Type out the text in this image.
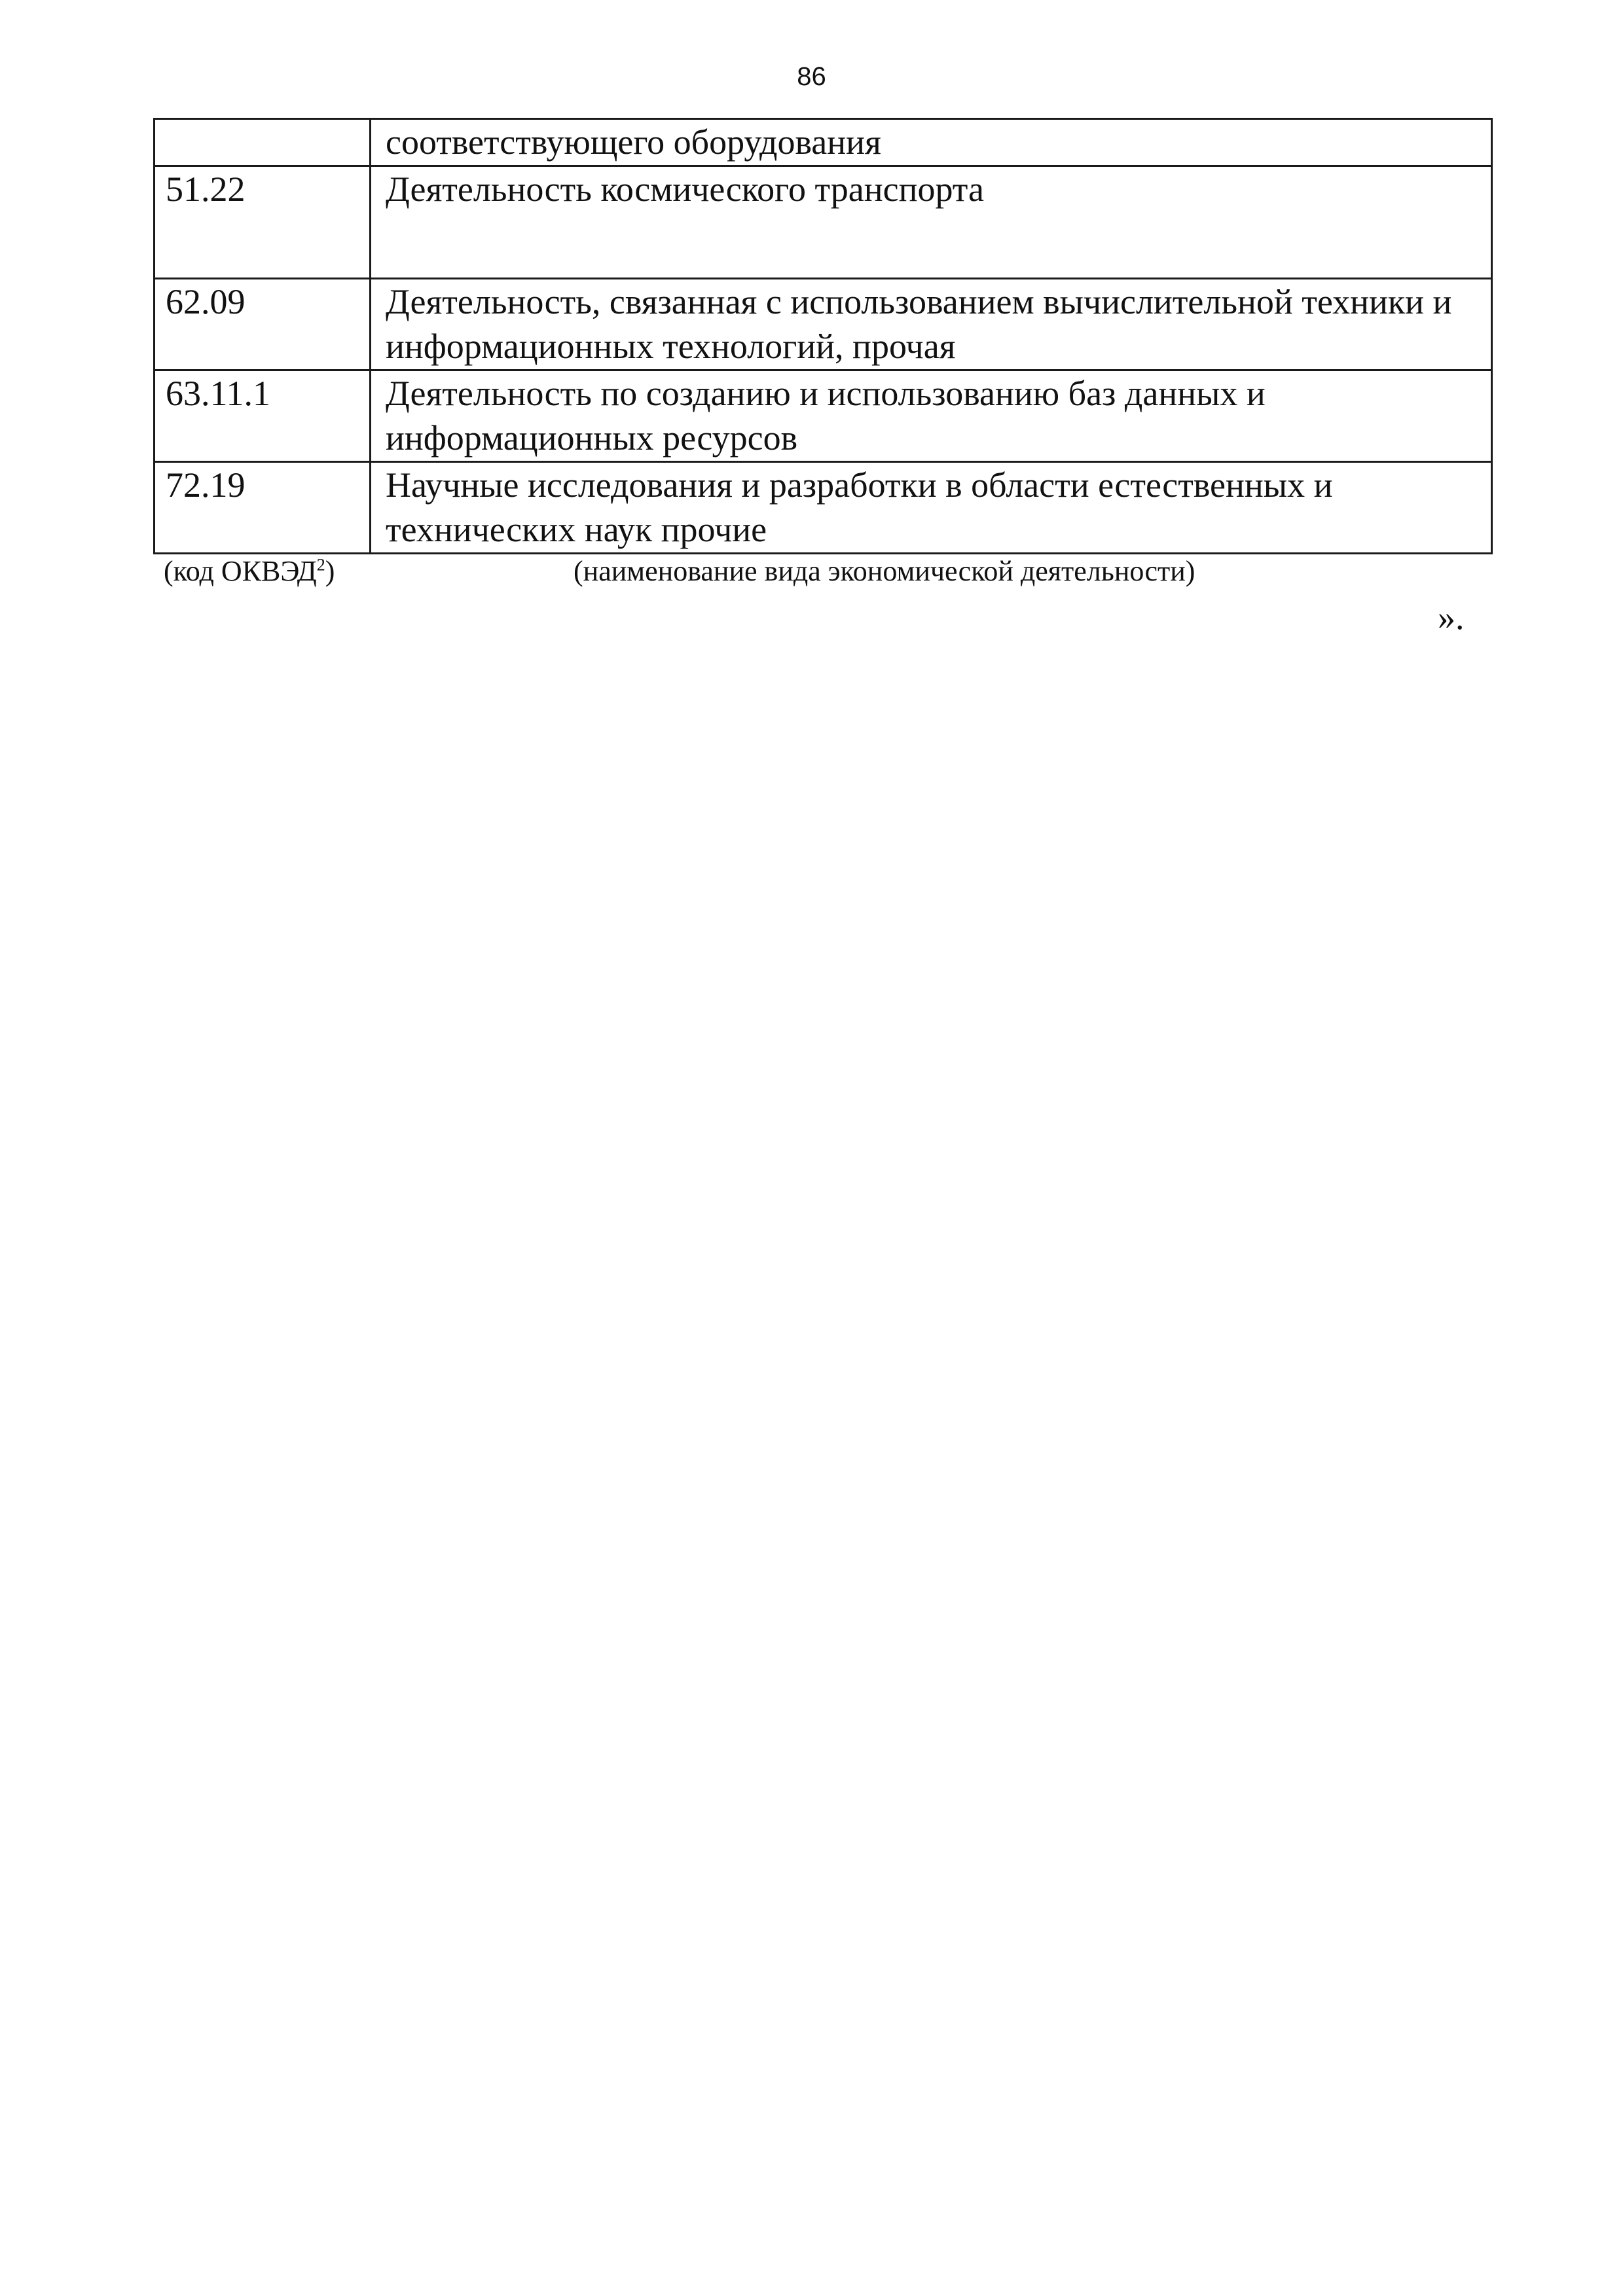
86
	соответствующего оборудования
51.22	Деятельность космического транспорта
62.09	Деятельность, связанная с использованием вычислительной техники и информационных технологий, прочая
63.11.1	Деятельность по созданию и использованию баз данных и информационных ресурсов
72.19	Научные исследования и разработки в области естественных и технических наук прочие
(код ОКВЭД$^2$)	(наименование вида экономической деятельности)
».
